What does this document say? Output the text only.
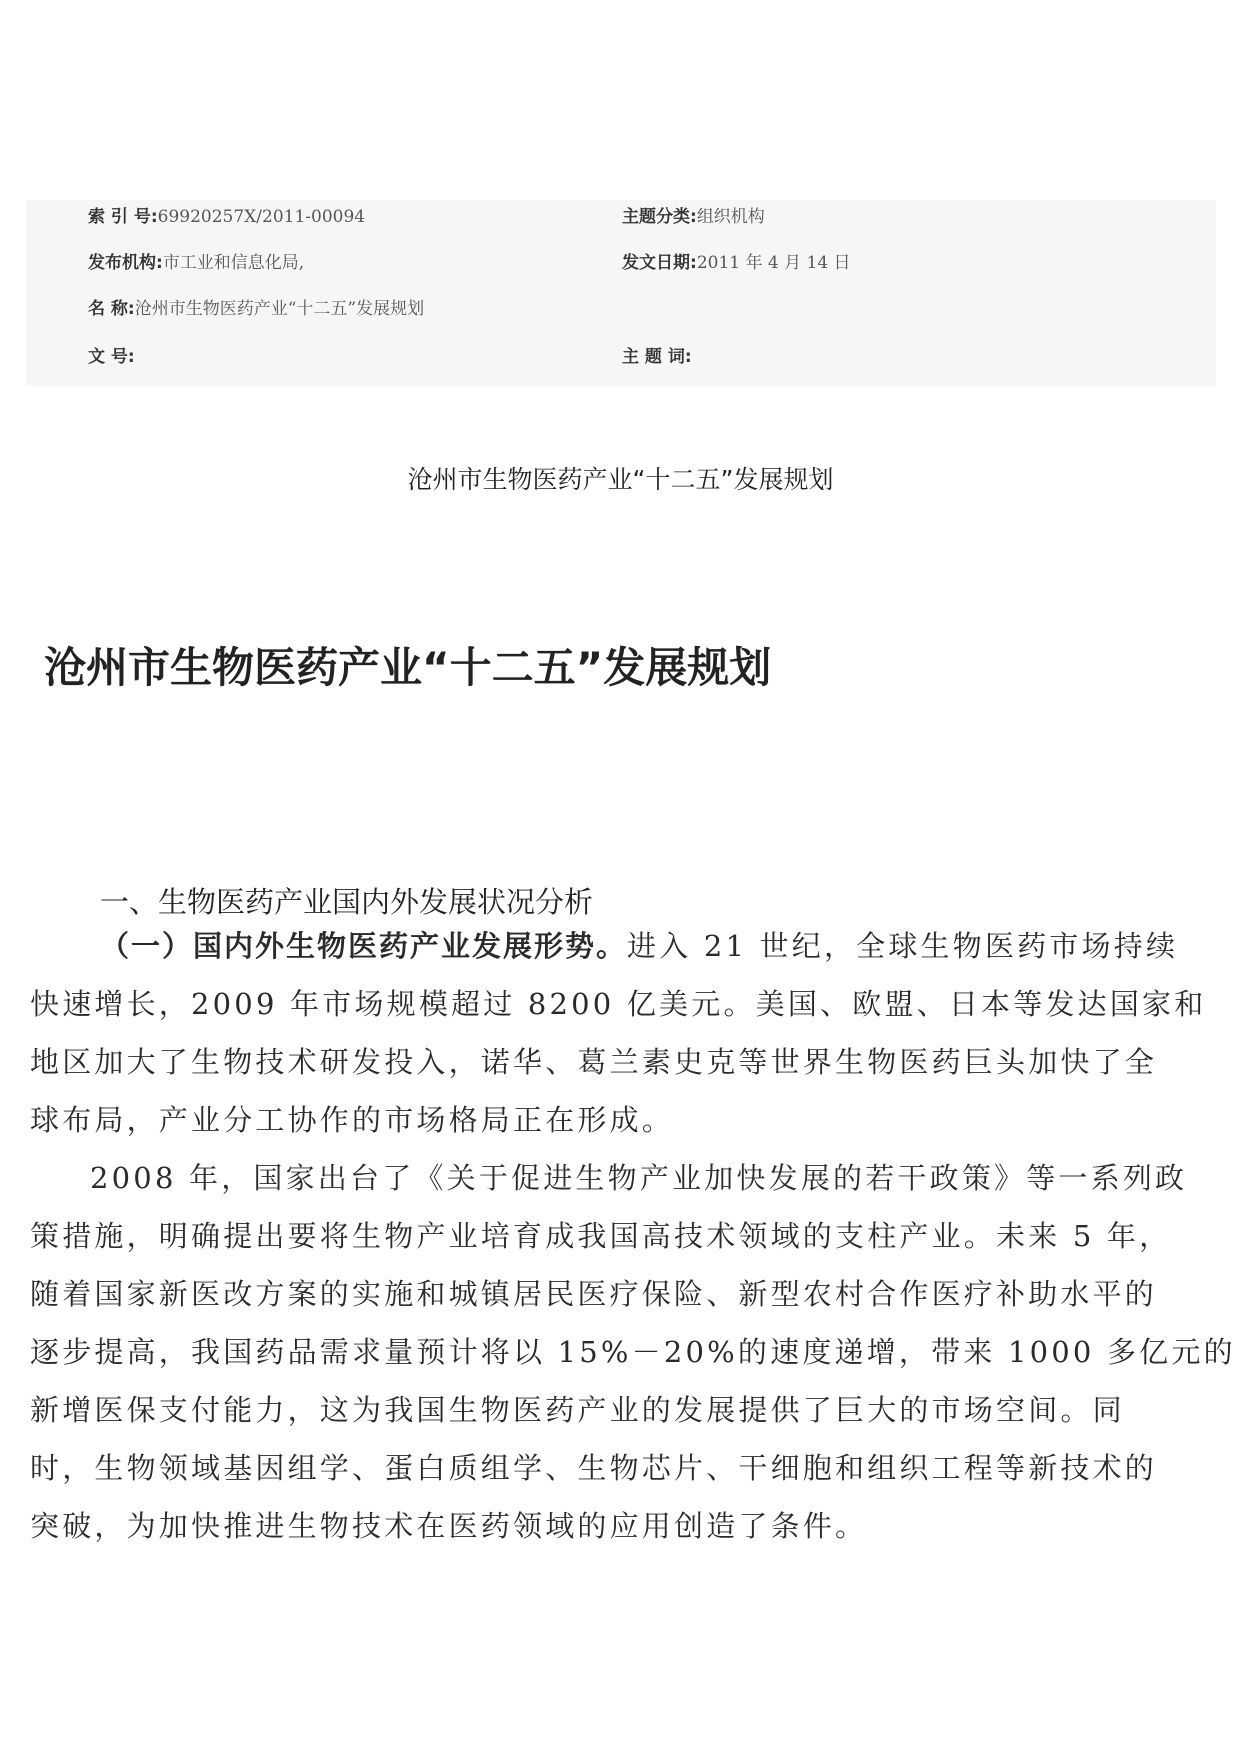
索 引 号:69920257X/2011-00094	主题分类:组织机构
发布机构:市工业和信息化局,	发文日期:2011 年 4 月 14 日
名 称:沧州市生物医药产业“十二五”发展规划
文 号:	主 题 词:
沧州市生物医药产业“十二五”发展规划
沧州市生物医药产业“十二五”发展规划
一、生物医药产业国内外发展状况分析
（一）国内外生物医药产业发展形势。进入 21 世纪，全球生物医药市场持续
快速增长，2009 年市场规模超过 8200 亿美元。美国、欧盟、日本等发达国家和
地区加大了生物技术研发投入，诺华、葛兰素史克等世界生物医药巨头加快了全
球布局，产业分工协作的市场格局正在形成。
2008 年，国家出台了《关于促进生物产业加快发展的若干政策》等一系列政
策措施，明确提出要将生物产业培育成我国高技术领域的支柱产业。未来 5 年，
随着国家新医改方案的实施和城镇居民医疗保险、新型农村合作医疗补助水平的
逐步提高，我国药品需求量预计将以 15%－20%的速度递增，带来 1000 多亿元的
新增医保支付能力，这为我国生物医药产业的发展提供了巨大的市场空间。同
时，生物领域基因组学、蛋白质组学、生物芯片、干细胞和组织工程等新技术的
突破，为加快推进生物技术在医药领域的应用创造了条件。
